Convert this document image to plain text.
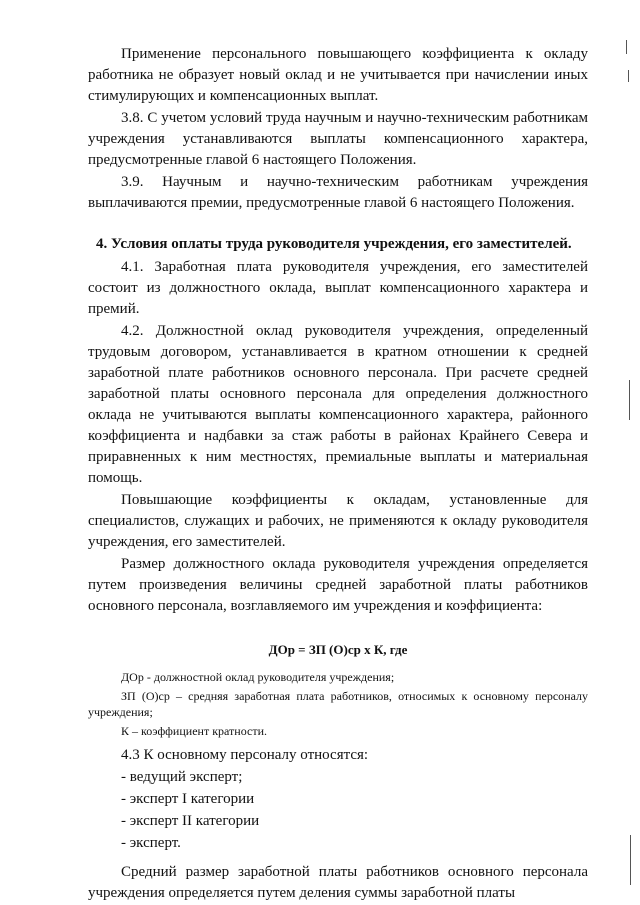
Применение персонального повышающего коэффициента к окладу работника не образует новый оклад и не учитывается при начислении иных стимулирующих и компенсационных выплат.

3.8. С учетом условий труда научным и научно-техническим работникам учреждения устанавливаются выплаты компенсационного характера, предусмотренные главой 6 настоящего Положения.

3.9. Научным и научно-техническим работникам учреждения выплачиваются премии, предусмотренные главой 6 настоящего Положения.

4. Условия оплаты труда руководителя учреждения, его заместителей.

4.1. Заработная плата руководителя учреждения, его заместителей состоит из должностного оклада, выплат компенсационного характера и премий.

4.2. Должностной оклад руководителя учреждения, определенный трудовым договором, устанавливается в кратном отношении к средней заработной плате работников основного персонала. При расчете средней заработной платы основного персонала для определения должностного оклада не учитываются выплаты компенсационного характера, районного коэффициента и надбавки за стаж работы в районах Крайнего Севера и приравненных к ним местностях, премиальные выплаты и материальная помощь.

Повышающие коэффициенты к окладам, установленные для специалистов, служащих и рабочих, не применяются к окладу руководителя учреждения, его заместителей.

Размер должностного оклада руководителя учреждения определяется путем произведения величины средней заработной платы работников основного персонала, возглавляемого им учреждения и коэффициента:

ДОр = ЗП (О)ср х К, где

ДОр - должностной оклад руководителя учреждения;

ЗП (О)ср – средняя заработная плата работников, относимых к основному персоналу учреждения;

К – коэффициент кратности.

4.3 К основному персоналу относятся:
- ведущий эксперт;
- эксперт I категории
- эксперт II категории
- эксперт.

Средний размер заработной платы работников основного персонала учреждения определяется путем деления суммы заработной платы
